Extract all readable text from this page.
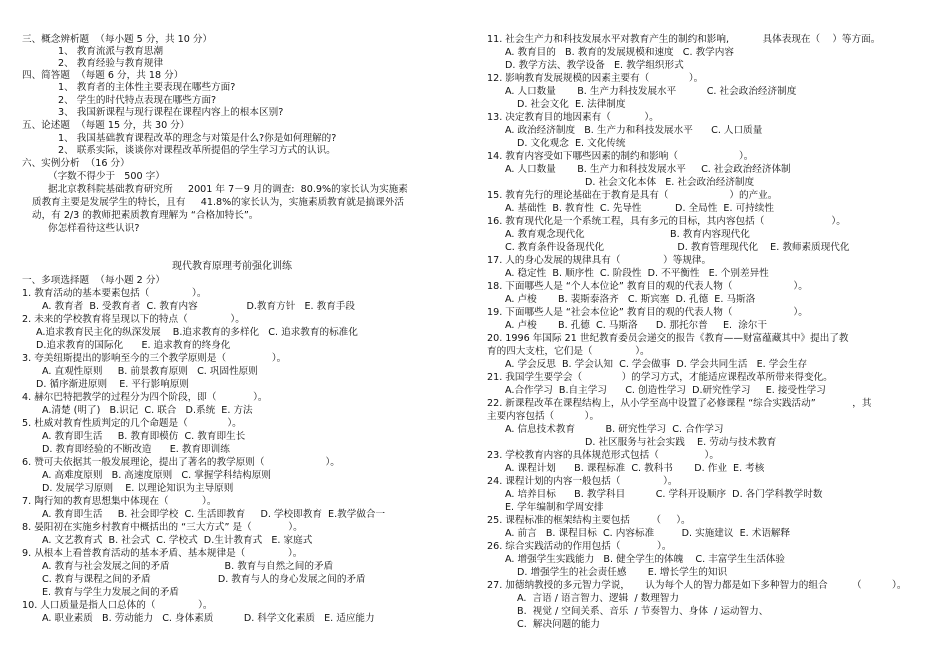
三、概念辨析题  （每小题 5 分，共 10 分）
1、 教育流派与教育思潮
2、 教育经验与教育规律
四、简答题  （每题 6 分，共 18 分）
1、 教育者的主体性主要表现在哪些方面?
2、 学生的时代特点表现在哪些方面?
3、 我国新课程与现行课程在课程内容上的根本区别?
五、论述题  （每题 15 分，共 30 分）
1、 我国基础教育课程改革的理念与对策是什么?你是如何理解的?
2、 联系实际，谈谈你对课程改革所提倡的学生学习方式的认识。
六、实例分析  （16 分）
（字数不得少于   500 字）
据北京教科院基础教育研究所     2001 年 7－9 月的调查:  80.9%的家长认为实施素
质教育主要是发展学生的特长，且有     41.8%的家长认为，实施素质教育就是搞课外活
动，有 2/3 的教师把素质教育理解为 “合格加特长”。
你怎样看待这些认识?
现代教育原理考前强化训练
一、多项选择题  （每小题 2 分）
1. 教育活动的基本要素包括（              ）。
A. 教育者  B. 受教育者  C. 教育内容                D.教育方针   E. 教育手段
2. 未来的学校教育将呈现以下的特点（              ）。
A.追求教育民主化的纵深发展    B.追求教育的多样化   C. 追求教育的标准化
D.追求教育的国际化      E. 追求教育的终身化
3. 夸美纽斯提出的影响至今的三个教学原则是（               ）。
A. 直观性原则     B. 前景教育原则   C. 巩固性原则
D. 循序渐进原则    E. 平行影响原则
4. 赫尔巴特把教学的过程分为四个阶段，即（            ）。
A.清楚 (明了)   B.识记  C. 联合   D.系统  E. 方法
5. 杜威对教育性质判定的几个命题是（             ）。
A. 教育即生活     B. 教育即模仿  C. 教育即生长
D. 教育即经验的不断改造      E. 教育即训练
6. 赞可夫依据其一般发展理论，提出了著名的教学原则（                    ）。
A. 高难度原则   B. 高速度原则   C. 掌握学科结构原则
D. 发展学习原则    E. 以理论知识为主导原则
7. 陶行知的教育思想集中体现在（           ）。
A. 教育即生活     B. 社会即学校  C. 生活即教育     D. 学校即教育  E.教学做合一
8. 晏阳初在实施乡村教育中概括出的 “三大方式” 是（            ）。
A. 文艺教育式  B. 社会式  C. 学校式  D.生计教育式   E. 家庭式
9. 从根本上看普教育活动的基本矛盾、基本规律是（              ）。
A. 教育与社会发展之间的矛盾                  B. 教育与自然之间的矛盾
C. 教育与课程之间的矛盾                      D. 教育与人的身心发展之间的矛盾
E. 教育与学生力发展之间的矛盾
10. 人口质量是指人口总体的（              ）。
A. 职业素质   B. 劳动能力   C. 身体素质          D. 科学文化素质   E. 适应能力
11. 社会生产力和科技发展水平对教育产生的制约和影响,           具体表现在（    ）等方面。
A. 教育目的   B. 教育的发展规模和速度   C. 教学内容
D. 教学方法、教学设备   E. 教学组织形式
12. 影响教育发展规模的因素主要有（             ）。
A. 人口数量       B. 生产力科技发展水平          C. 社会政治经济制度
D. 社会文化  E. 法律制度
13. 决定教育目的地因素有（           ）。
A. 政治经济制度   B. 生产力和科技发展水平      C. 人口质量
D. 文化观念  E. 文化传统
14. 教育内容受如下哪些因素的制约和影响（                    ）。
A. 人口数量       B. 生产力和科技发展水平     C. 社会政治经济体制
D. 社会文化本体   E. 社会政治经济制度
15. 教育先行的理论基础在于教育是具有（                    ）的产业。
A. 基础性  B. 教育性  C. 先导性           D. 全局性  E. 可持续性
16. 教育现代化是一个系统工程，具有多元的目标，其内容包括（                      ）。
A. 教育观念现代化                            B. 教育内容现代化
C. 教育条件设备现代化                        D. 教育管理现代化    E. 教师素质现代化
17. 人的身心发展的规律具有（              ）等规律。
A. 稳定性  B. 顺序性  C. 阶段性  D. 不平衡性   E. 个别差异性
18. 下面哪些人是 “个人本位论” 教育目的观的代表人物（                    ）。
A. 卢梭       B. 裴斯泰洛齐   C. 斯宾塞  D. 孔德  E. 马斯洛
19. 下面哪些人是 “社会本位论” 教育目的观的代表人物（                    ）。
A. 卢梭       B. 孔德  C. 马斯洛      D. 那托尔普     E.  涂尔干
20. 1996 年国际 21 世纪教育委员会递交的报告《教育——财富蕴藏其中》提出了教
育的四大支柱，它们是（              ）。
A. 学会反思  B. 学会认知  C. 学会做事  D. 学会共同生活   E. 学会生存
21. 我国学生要学会（             ）的学习方式，才能适应课程改革所带来得变化。
A.合作学习  B.自主学习      C. 创造性学习  D.研究性学习     E. 接受性学习
22. 新课程改革在课程结构上，从小学至高中设置了必修课程 “综合实践活动”            ，其
主要内容包括（          ）。
A. 信息技术教育          B. 研究性学习  C. 合作学习
D. 社区服务与社会实践    E. 劳动与技术教育
23. 学校教育内容的具体规范形式包括（               ）。
A. 课程计划      B. 课程标准  C. 教科书       D. 作业  E. 考核
24. 课程计划的内容一般包括（              ）。
A. 培养目标      B. 教学科目          C. 学科开设顺序  D. 各门学科教学时数
E. 学年编制和学周安排
25. 课程标准的框架结构主要包括       （     ）。
A. 前言   B. 课程目标  C. 内容标准         D. 实施建议  E. 术语解释
26. 综合实践活动的作用包括（            ）。
A. 增强学生实践能力   B. 健全学生的体魄    C. 丰富学生生活体验
D. 增强学生的社会责任感       E. 增长学生的知识
27. 加德纳教授的多元智力学说，     认为每个人的智力都是如下多种智力的组合        （          ）。
A.  言语 / 语言智力、逻辑  / 数理智力
B.  视觉 / 空间关系、音乐  / 节奏智力、身体  / 运动智力、
C.  解决问题的能力
